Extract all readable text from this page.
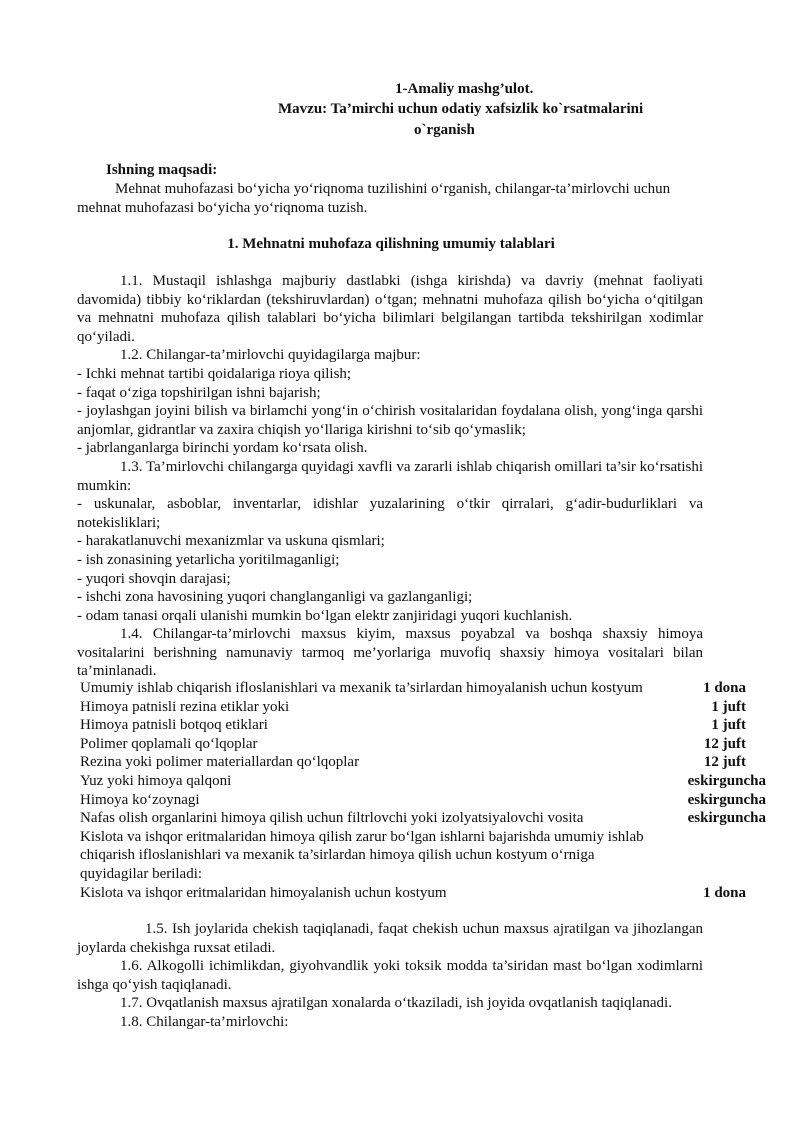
1-Amaliy mashg’ulot.
Mavzu: Ta’mirchi uchun odatiy xafsizlik ko`rsatmalarini
o`rganish
Ishning maqsadi:
Mehnat muhofazasi bo‘yicha yo‘riqnoma tuzilishini o‘rganish, chilangar-ta’mirlovchi uchun mehnat muhofazasi bo‘yicha yo‘riqnoma tuzish.
1. Mehnatni muhofaza qilishning umumiy talablari

1.1. Mustaqil ishlashga majburiy dastlabki (ishga kirishda) va davriy (mehnat faoliyati davomida) tibbiy ko‘riklardan (tekshiruvlardan) o‘tgan; mehnatni muhofaza qilish bo‘yicha o‘qitilgan va mehnatni muhofaza qilish talablari bo‘yicha bilimlari belgilangan tartibda tekshirilgan xodimlar qo‘yiladi.

1.2. Chilangar-ta’mirlovchi quyidagilarga majbur:

- Ichki mehnat tartibi qoidalariga rioya qilish;

- faqat o‘ziga topshirilgan ishni bajarish;

- joylashgan joyini bilish va birlamchi yong‘in o‘chirish vositalaridan foydalana olish, yong‘inga qarshi anjomlar, gidrantlar va zaxira chiqish yo‘llariga kirishni to‘sib qo‘ymaslik;

- jabrlanganlarga birinchi yordam ko‘rsata olish.

1.3. Ta’mirlovchi chilangarga quyidagi xavfli va zararli ishlab chiqarish omillari ta’sir ko‘rsatishi mumkin:

- uskunalar, asboblar, inventarlar, idishlar yuzalarining o‘tkir qirralari, g‘adir-budurliklari va notekisliklari;

- harakatlanuvchi mexanizmlar va uskuna qismlari;

- ish zonasining yetarlicha yoritilmaganligi;

- yuqori shovqin darajasi;

- ishchi zona havosining yuqori changlanganligi va gazlanganligi;

- odam tanasi orqali ulanishi mumkin bo‘lgan elektr zanjiridagi yuqori kuchlanish.

1.4. Chilangar-ta’mirlovchi maxsus kiyim, maxsus poyabzal va boshqa shaxsiy himoya vositalarini berishning namunaviy tarmoq me’yorlariga muvofiq shaxsiy himoya vositalari bilan ta’minlanadi.

Umumiy ishlab chiqarish ifloslanishlari va mexanik ta’sirlardan himoyalanish uchun kostyum	1 dona
Himoya patnisli rezina etiklar yoki	1 juft
Himoya patnisli botqoq etiklari	1 juft
Polimer qoplamali qo‘lqoplar	12 juft
Rezina yoki polimer materiallardan qo‘lqoplar	12 juft
Yuz yoki himoya qalqoni	eskirguncha
Himoya ko‘zoynagi	eskirguncha
Nafas olish organlarini himoya qilish uchun filtrlovchi yoki izolyatsiyalovchi vosita	eskirguncha

Kislota va ishqor eritmalaridan himoya qilish zarur bo‘lgan ishlarni bajarishda umumiy ishlab chiqarish ifloslanishlari va mexanik ta’sirlardan himoya qilish uchun kostyum o‘rniga quyidagilar beriladi:

Kislota va ishqor eritmalaridan himoyalanish uchun kostyum	1 dona

1.5. Ish joylarida chekish taqiqlanadi, faqat chekish uchun maxsus ajratilgan va jihozlangan joylarda chekishga ruxsat etiladi.

1.6. Alkogolli ichimlikdan, giyohvandlik yoki toksik modda ta’siridan mast bo‘lgan xodimlarni ishga qo‘yish taqiqlanadi.

1.7. Ovqatlanish maxsus ajratilgan xonalarda o‘tkaziladi, ish joyida ovqatlanish taqiqlanadi.

1.8. Chilangar-ta’mirlovchi:
